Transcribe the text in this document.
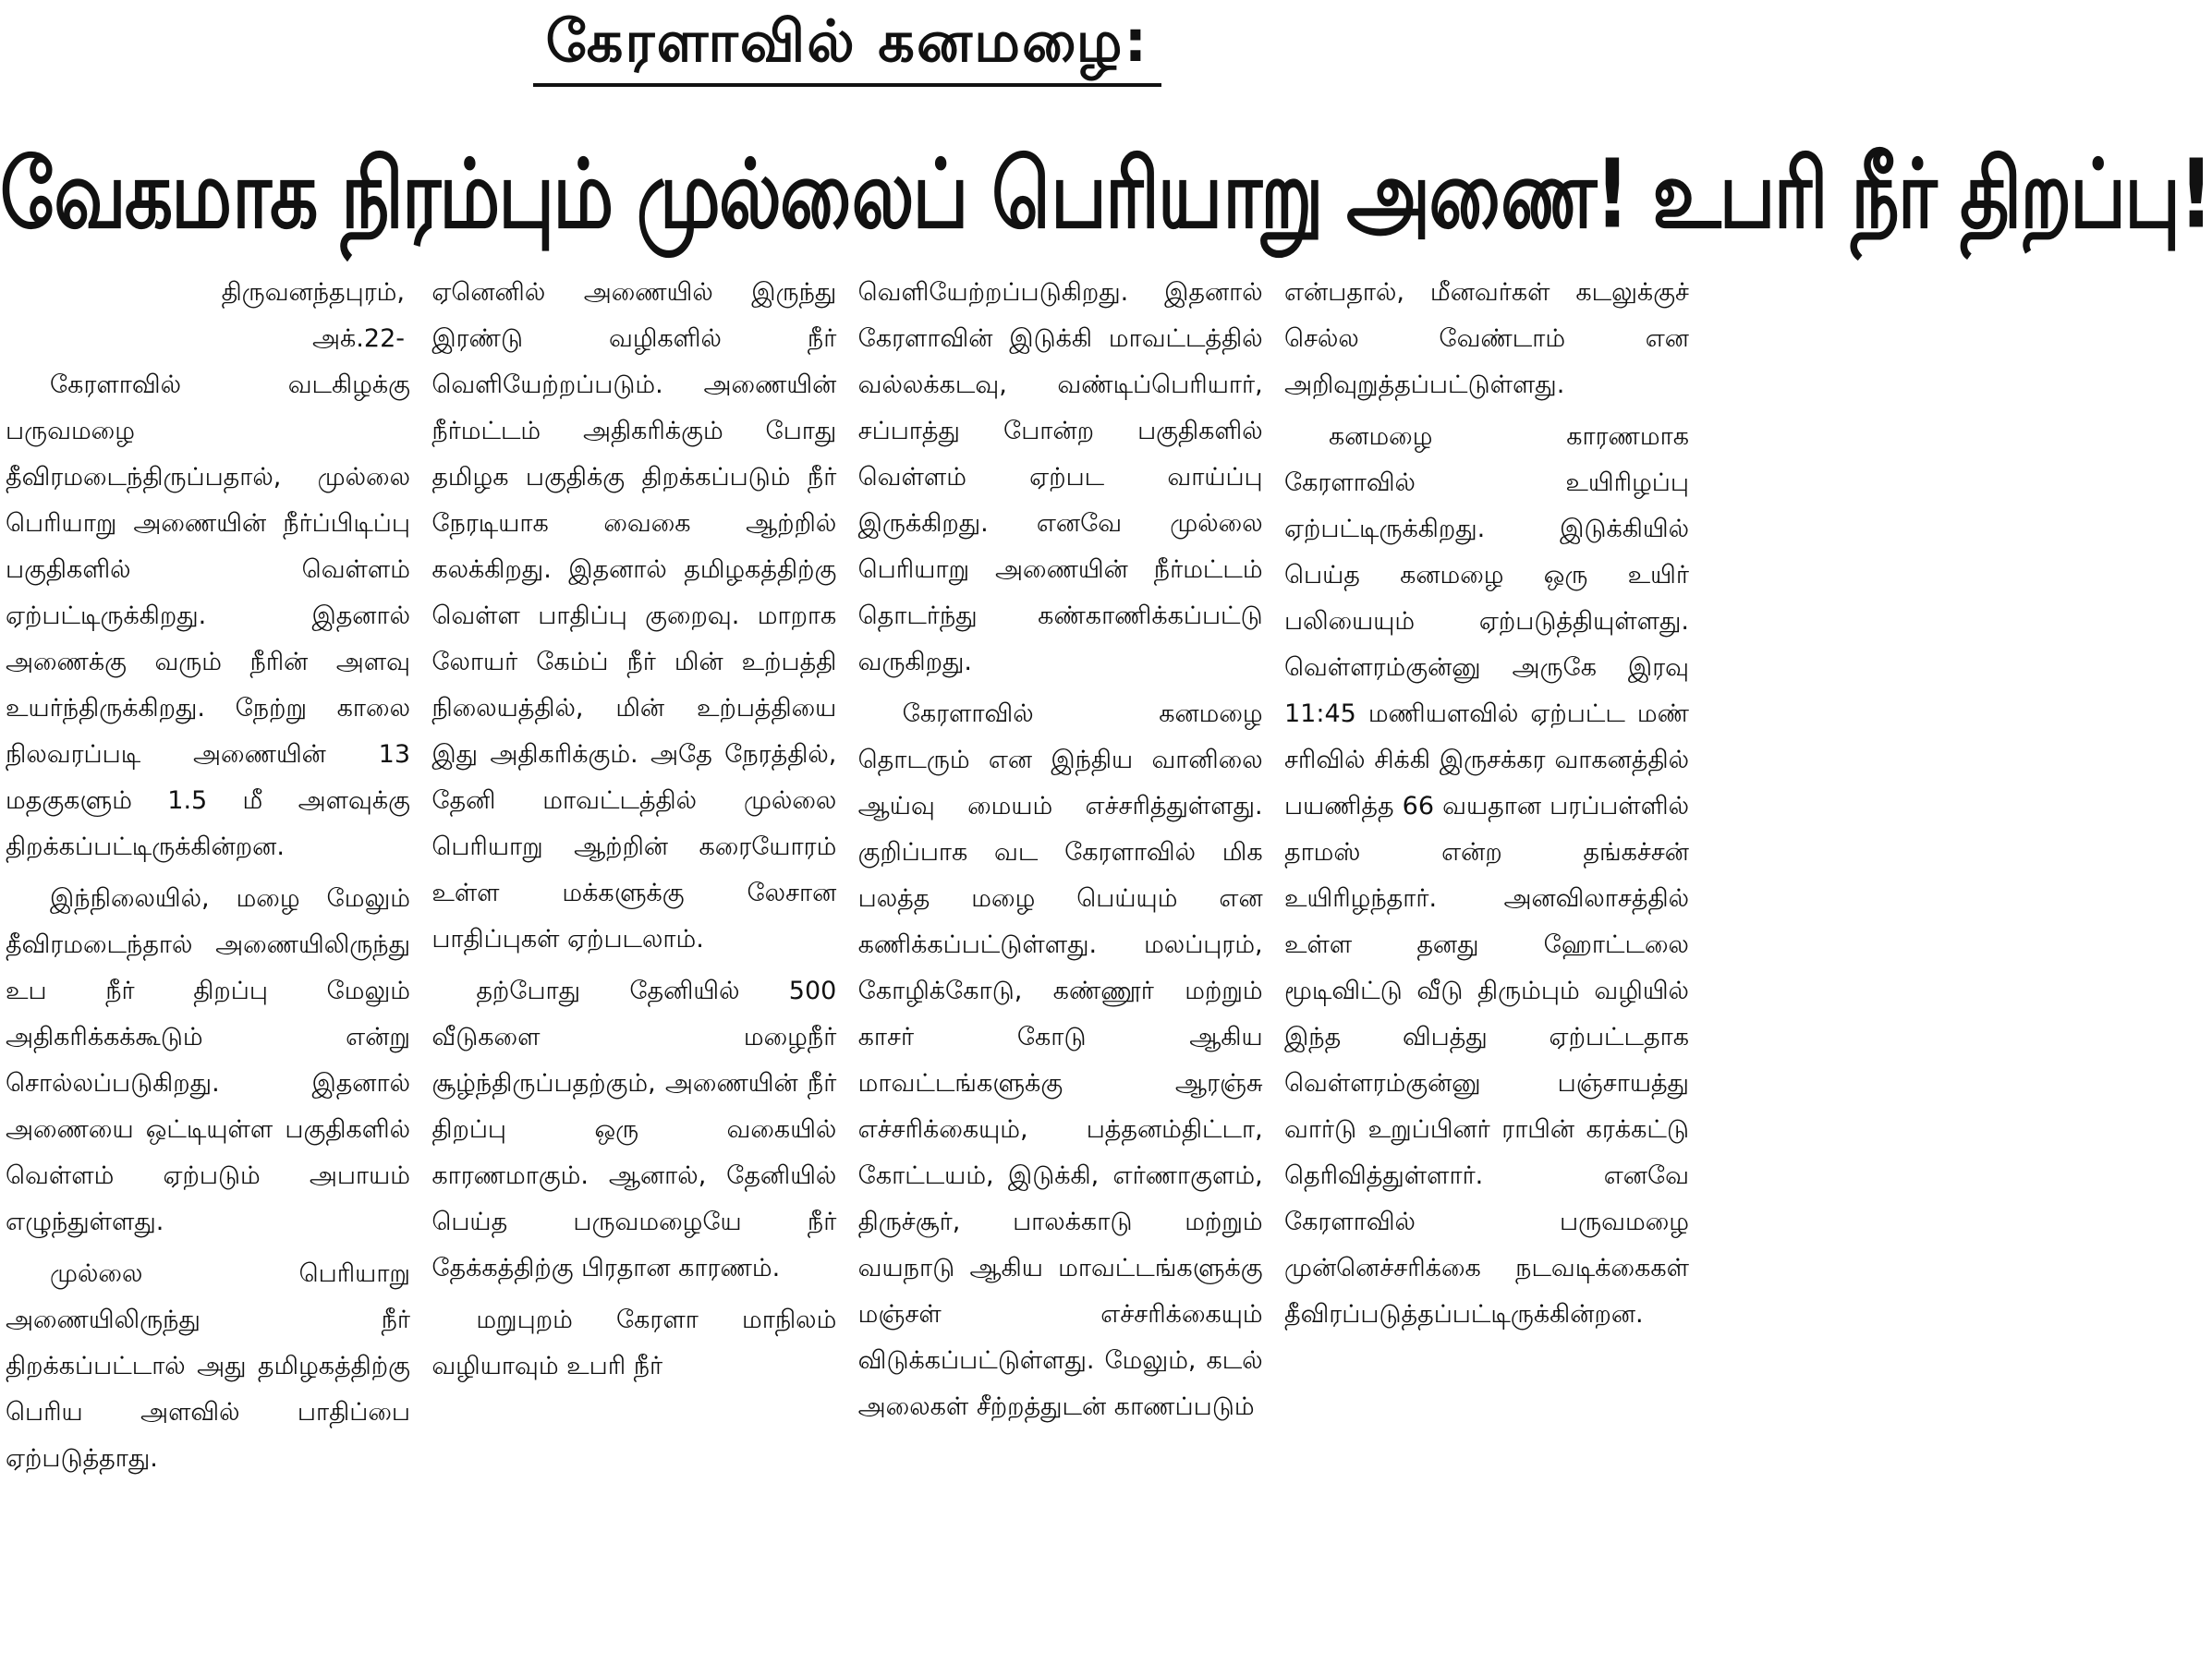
கேரளாவில் கனமழை:
வேகமாக நிரம்பும் முல்லைப் பெரியாறு அணை! உபரி நீர் திறப்பு!
திருவனந்தபுரம்,
அக்.22-

கேரளாவில் வடகிழக்கு பருவமழை தீவிரமடைந்திருப்பதால், முல்லை பெரியாறு அணையின் நீர்ப்பிடிப்பு பகுதிகளில் வெள்ளம் ஏற்பட்டிருக்கிறது. இதனால் அணைக்கு வரும் நீரின் அளவு உயர்ந்திருக்கிறது. நேற்று காலை நிலவரப்படி அணையின் 13 மதகுகளும் 1.5 மீ அளவுக்கு திறக்கப்பட்டிருக்கின்றன.

இந்நிலையில், மழை மேலும் தீவிரமடைந்தால் அணையிலிருந்து உப நீர் திறப்பு மேலும் அதிகரிக்கக்கூடும் என்று சொல்லப்படுகிறது. இதனால் அணையை ஒட்டியுள்ள பகுதிகளில் வெள்ளம் ஏற்படும் அபாயம் எழுந்துள்ளது.

முல்லை பெரியாறு அணையிலிருந்து நீர் திறக்கப்பட்டால் அது தமிழகத்திற்கு பெரிய அளவில் பாதிப்பை ஏற்படுத்தாது.

ஏனெனில் அணையில் இருந்து இரண்டு வழிகளில் நீர் வெளியேற்றப்படும். அணையின் நீர்மட்டம் அதிகரிக்கும் போது தமிழக பகுதிக்கு திறக்கப்படும் நீர் நேரடியாக வைகை ஆற்றில் கலக்கிறது. இதனால் தமிழகத்திற்கு வெள்ள பாதிப்பு குறைவு. மாறாக லோயர் கேம்ப் நீர் மின் உற்பத்தி நிலையத்தில், மின் உற்பத்தியை இது அதிகரிக்கும். அதே நேரத்தில், தேனி மாவட்டத்தில் முல்லை பெரியாறு ஆற்றின் கரையோரம் உள்ள மக்களுக்கு லேசான பாதிப்புகள் ஏற்படலாம்.

தற்போது தேனியில் 500 வீடுகளை மழைநீர் சூழ்ந்திருப்பதற்கும், அணையின் நீர் திறப்பு ஒரு வகையில் காரணமாகும். ஆனால், தேனியில் பெய்த பருவமழையே நீர் தேக்கத்திற்கு பிரதான காரணம்.

மறுபுறம் கேரளா மாநிலம் வழியாவும் உபரி நீர்

வெளியேற்றப்படுகிறது. இதனால் கேரளாவின் இடுக்கி மாவட்டத்தில் வல்லக்கடவு, வண்டிப்பெரியார், சப்பாத்து போன்ற பகுதிகளில் வெள்ளம் ஏற்பட வாய்ப்பு இருக்கிறது. எனவே முல்லை பெரியாறு அணையின் நீர்மட்டம் தொடர்ந்து கண்காணிக்கப்பட்டு வருகிறது.

கேரளாவில் கனமழை தொடரும் என இந்திய வானிலை ஆய்வு மையம் எச்சரித்துள்ளது. குறிப்பாக வட கேரளாவில் மிக பலத்த மழை பெய்யும் என கணிக்கப்பட்டுள்ளது. மலப்புரம், கோழிக்கோடு, கண்ணூர் மற்றும் காசர் கோடு ஆகிய மாவட்டங்களுக்கு ஆரஞ்சு எச்சரிக்கையும், பத்தனம்திட்டா, கோட்டயம், இடுக்கி, எர்ணாகுளம், திருச்சூர், பாலக்காடு மற்றும் வயநாடு ஆகிய மாவட்டங்களுக்கு மஞ்சள் எச்சரிக்கையும் விடுக்கப்பட்டுள்ளது. மேலும், கடல் அலைகள் சீற்றத்துடன் காணப்படும்

என்பதால், மீனவர்கள் கடலுக்குச் செல்ல வேண்டாம் என அறிவுறுத்தப்பட்டுள்ளது.

கனமழை காரணமாக கேரளாவில் உயிரிழப்பு ஏற்பட்டிருக்கிறது. இடுக்கியில் பெய்த கனமழை ஒரு உயிர் பலியையும் ஏற்படுத்தியுள்ளது. வெள்ளரம்குன்னு அருகே இரவு 11:45 மணியளவில் ஏற்பட்ட மண் சரிவில் சிக்கி இருசக்கர வாகனத்தில் பயணித்த 66 வயதான பரப்பள்ளில் தாமஸ் என்ற தங்கச்சன் உயிரிழந்தார். அனவிலாசத்தில் உள்ள தனது ஹோட்டலை மூடிவிட்டு வீடு திரும்பும் வழியில் இந்த விபத்து ஏற்பட்டதாக வெள்ளரம்குன்னு பஞ்சாயத்து வார்டு உறுப்பினர் ராபின் கரக்கட்டு தெரிவித்துள்ளார். எனவே கேரளாவில் பருவமழை முன்னெச்சரிக்கை நடவடிக்கைகள் தீவிரப்படுத்தப்பட்டிருக்கின்றன.
